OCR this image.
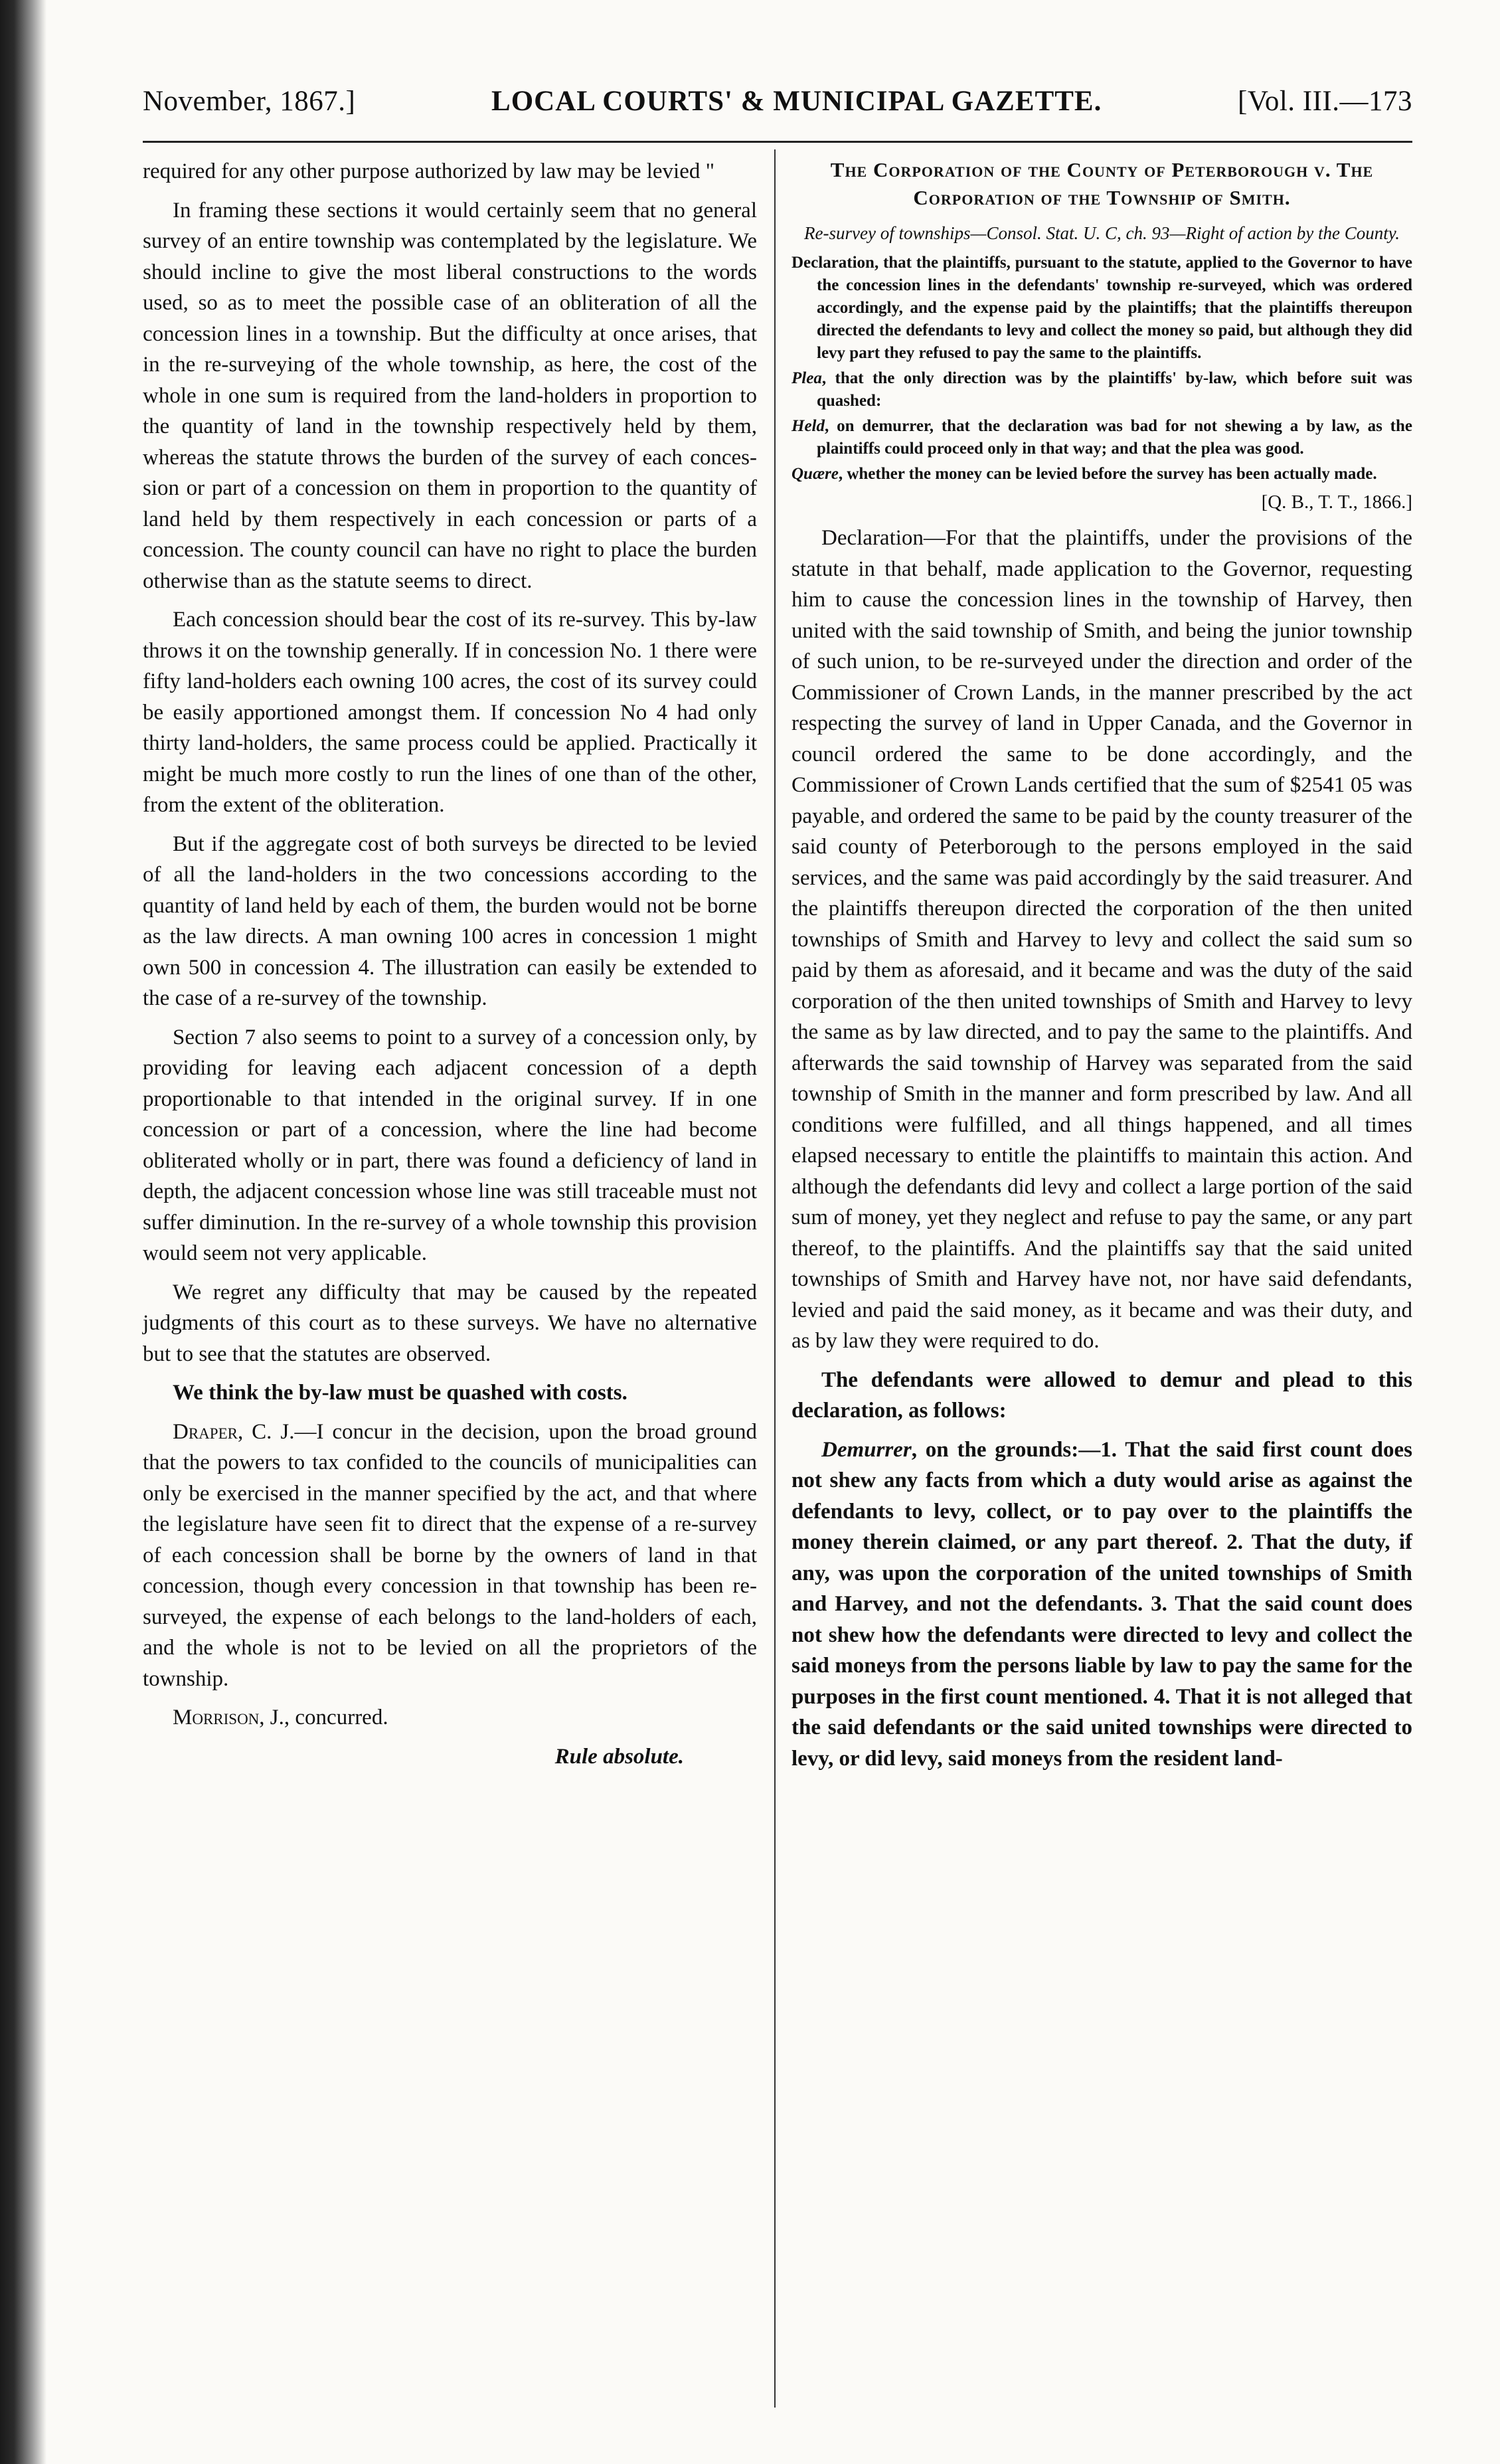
November, 1867.]	LOCAL COURTS' & MUNICIPAL GAZETTE.	[Vol. III.—173

required for any other purpose authorized by law may be levied "

In framing these sections it would certainly seem that no general survey of an entire township was contemplated by the legislature. We should incline to give the most liberal constructions to the words used, so as to meet the possible case of an obliteration of all the concession lines in a township. But the difficulty at once arises, that in the re-surveying of the whole township, as here, the cost of the whole in one sum is required from the land-holders in proportion to the quantity of land in the township respectively held by them, whereas the statute throws the burden of the survey of each concession or part of a concession on them in proportion to the quantity of land held by them respectively in each concession or parts of a concession. The county council can have no right to place the burden otherwise than as the statute seems to direct.

Each concession should bear the cost of its re-survey. This by-law throws it on the township generally. If in concession No. 1 there were fifty land-holders each owning 100 acres, the cost of its survey could be easily apportioned amongst them. If concession No 4 had only thirty land-holders, the same process could be applied. Practically it might be much more costly to run the lines of one than of the other, from the extent of the obliteration.

But if the aggregate cost of both surveys be directed to be levied of all the land-holders in the two concessions according to the quantity of land held by each of them, the burden would not be borne as the law directs. A man owning 100 acres in concession 1 might own 500 in concession 4. The illustration can easily be extended to the case of a re-survey of the township.

Section 7 also seems to point to a survey of a concession only, by providing for leaving each adjacent concession of a depth proportionable to that intended in the original survey. If in one concession or part of a concession, where the line had become obliterated wholly or in part, there was found a deficiency of land in depth, the adjacent concession whose line was still traceable must not suffer diminution. In the re-survey of a whole township this provision would seem not very applicable.

We regret any difficulty that may be caused by the repeated judgments of this court as to these surveys. We have no alternative but to see that the statutes are observed.

We think the by-law must be quashed with costs.

Draper, C. J.—I concur in the decision, upon the broad ground that the powers to tax confided to the councils of municipalities can only be exercised in the manner specified by the act, and that where the legislature have seen fit to direct that the expense of a re-survey of each concession shall be borne by the owners of land in that concession, though every concession in that township has been re-surveyed, the expense of each belongs to the land-holders of each, and the whole is not to be levied on all the proprietors of the township.

Morrison, J., concurred.

Rule absolute.
The Corporation of the County of Peterborough v. The Corporation of the Township of Smith.
Re-survey of townships—Consol. Stat. U. C, ch. 93—Right of action by the County.
Declaration, that the plaintiffs, pursuant to the statute, applied to the Governor to have the concession lines in the defendants' township re-surveyed, which was ordered accordingly, and the expense paid by the plaintiffs; that the plaintiffs thereupon directed the defendants to levy and collect the money so paid, but although they did levy part they refused to pay the same to the plaintiffs.
Plea, that the only direction was by the plaintiffs' by-law, which before suit was quashed:
Held, on demurrer, that the declaration was bad for not shewing a by law, as the plaintiffs could proceed only in that way; and that the plea was good.
Quære, whether the money can be levied before the survey has been actually made.
[Q. B., T. T., 1866.]

Declaration—For that the plaintiffs, under the provisions of the statute in that behalf, made application to the Governor, requesting him to cause the concession lines in the township of Harvey, then united with the said township of Smith, and being the junior township of such union, to be re-surveyed under the direction and order of the Commissioner of Crown Lands, in the manner prescribed by the act respecting the survey of land in Upper Canada, and the Governor in council ordered the same to be done accordingly, and the Commissioner of Crown Lands certified that the sum of $2541 05 was payable, and ordered the same to be paid by the county treasurer of the said county of Peterborough to the persons employed in the said services, and the same was paid accordingly by the said treasurer. And the plaintiffs thereupon directed the corporation of the then united townships of Smith and Harvey to levy and collect the said sum so paid by them as aforesaid, and it became and was the duty of the said corporation of the then united townships of Smith and Harvey to levy the same as by law directed, and to pay the same to the plaintiffs. And afterwards the said township of Harvey was separated from the said township of Smith in the manner and form prescribed by law. And all conditions were fulfilled, and all things happened, and all times elapsed necessary to entitle the plaintiffs to maintain this action. And although the defendants did levy and collect a large portion of the said sum of money, yet they neglect and refuse to pay the same, or any part thereof, to the plaintiffs. And the plaintiffs say that the said united townships of Smith and Harvey have not, nor have said defendants, levied and paid the said money, as it became and was their duty, and as by law they were required to do.

The defendants were allowed to demur and plead to this declaration, as follows:

Demurrer, on the grounds:—1. That the said first count does not shew any facts from which a duty would arise as against the defendants to levy, collect, or to pay over to the plaintiffs the money therein claimed, or any part thereof. 2. That the duty, if any, was upon the corporation of the united townships of Smith and Harvey, and not the defendants. 3. That the said count does not shew how the defendants were directed to levy and collect the said moneys from the persons liable by law to pay the same for the purposes in the first count mentioned. 4. That it is not alleged that the said defendants or the said united townships were directed to levy, or did levy, said moneys from the resident land-
